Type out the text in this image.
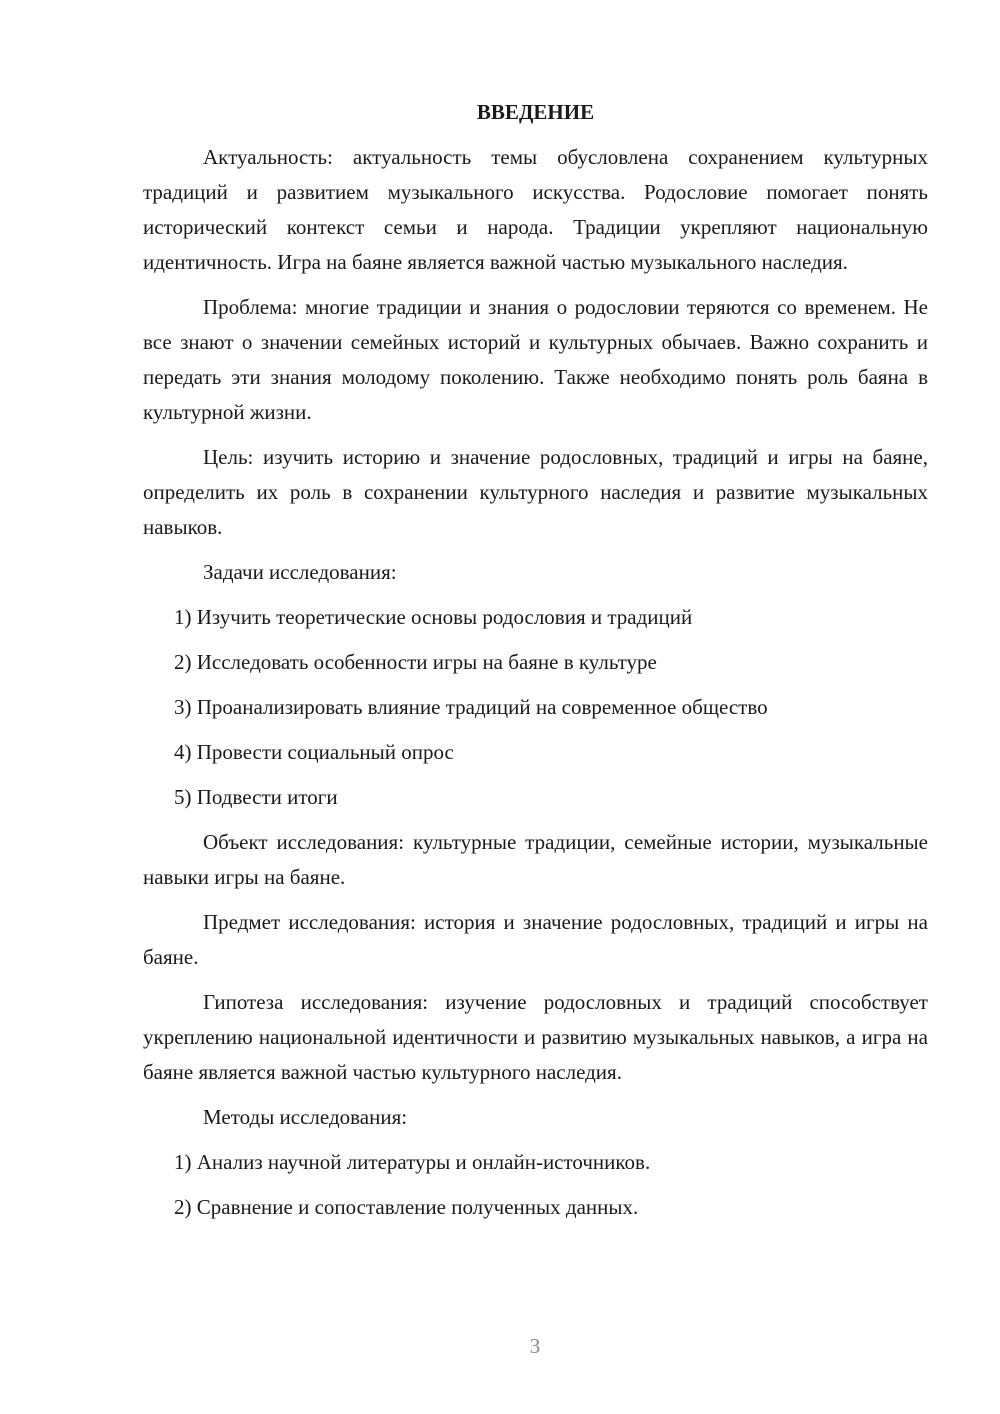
ВВЕДЕНИЕ
Актуальность: актуальность темы обусловлена сохранением культурных традиций и развитием музыкального искусства. Родословие помогает понять исторический контекст семьи и народа. Традиции укрепляют национальную идентичность. Игра на баяне является важной частью музыкального наследия.
Проблема: многие традиции и знания о родословии теряются со временем. Не все знают о значении семейных историй и культурных обычаев. Важно сохранить и передать эти знания молодому поколению. Также необходимо понять роль баяна в культурной жизни.
Цель: изучить историю и значение родословных, традиций и игры на баяне, определить их роль в сохранении культурного наследия и развитие музыкальных навыков.
Задачи исследования:
1) Изучить теоретические основы родословия и традиций
2) Исследовать особенности игры на баяне в культуре
3) Проанализировать влияние традиций на современное общество
4) Провести социальный опрос
5) Подвести итоги
Объект исследования: культурные традиции, семейные истории, музыкальные навыки игры на баяне.
Предмет исследования: история и значение родословных, традиций и игры на баяне.
Гипотеза исследования: изучение родословных и традиций способствует укреплению национальной идентичности и развитию музыкальных навыков, а игра на баяне является важной частью культурного наследия.
Методы исследования:
1) Анализ научной литературы и онлайн-источников.
2) Сравнение и сопоставление полученных данных.
3
